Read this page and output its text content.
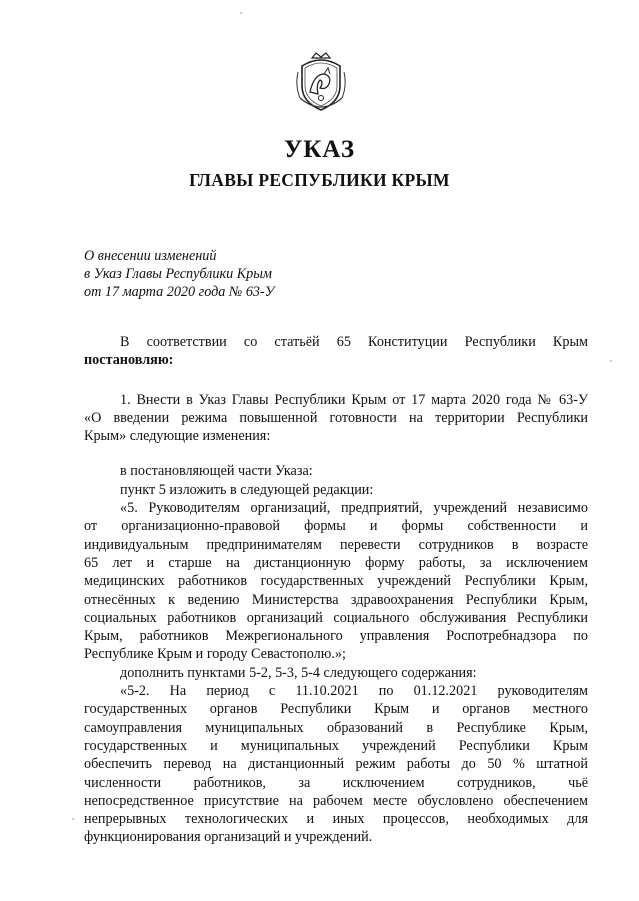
УКАЗ
ГЛАВЫ РЕСПУБЛИКИ КРЫМ
О внесении изменений
в Указ Главы Республики Крым
от 17 марта 2020 года № 63-У
В соответствии со статьёй 65 Конституции Республики Крым
постановляю:
1. Внести в Указ Главы Республики Крым от 17 марта 2020 года № 63-У
«О введении режима повышенной готовности на территории Республики
Крым» следующие изменения:
в постановляющей части Указа:
пункт 5 изложить в следующей редакции:
«5. Руководителям организаций, предприятий, учреждений независимо
от организационно-правовой формы и формы собственности и
индивидуальным предпринимателям перевести сотрудников в возрасте
65 лет и старше на дистанционную форму работы, за исключением
медицинских работников государственных учреждений Республики Крым,
отнесённых к ведению Министерства здравоохранения Республики Крым,
социальных работников организаций социального обслуживания Республики
Крым, работников Межрегионального управления Роспотребнадзора по
Республике Крым и городу Севастополю.»;
дополнить пунктами 5-2, 5-3, 5-4 следующего содержания:
«5-2. На период с 11.10.2021 по 01.12.2021 руководителям
государственных органов Республики Крым и органов местного
самоуправления муниципальных образований в Республике Крым,
государственных и муниципальных учреждений Республики Крым
обеспечить перевод на дистанционный режим работы до 50 % штатной
численности работников, за исключением сотрудников, чьё
непосредственное присутствие на рабочем месте обусловлено обеспечением
непрерывных технологических и иных процессов, необходимых для
функционирования организаций и учреждений.
